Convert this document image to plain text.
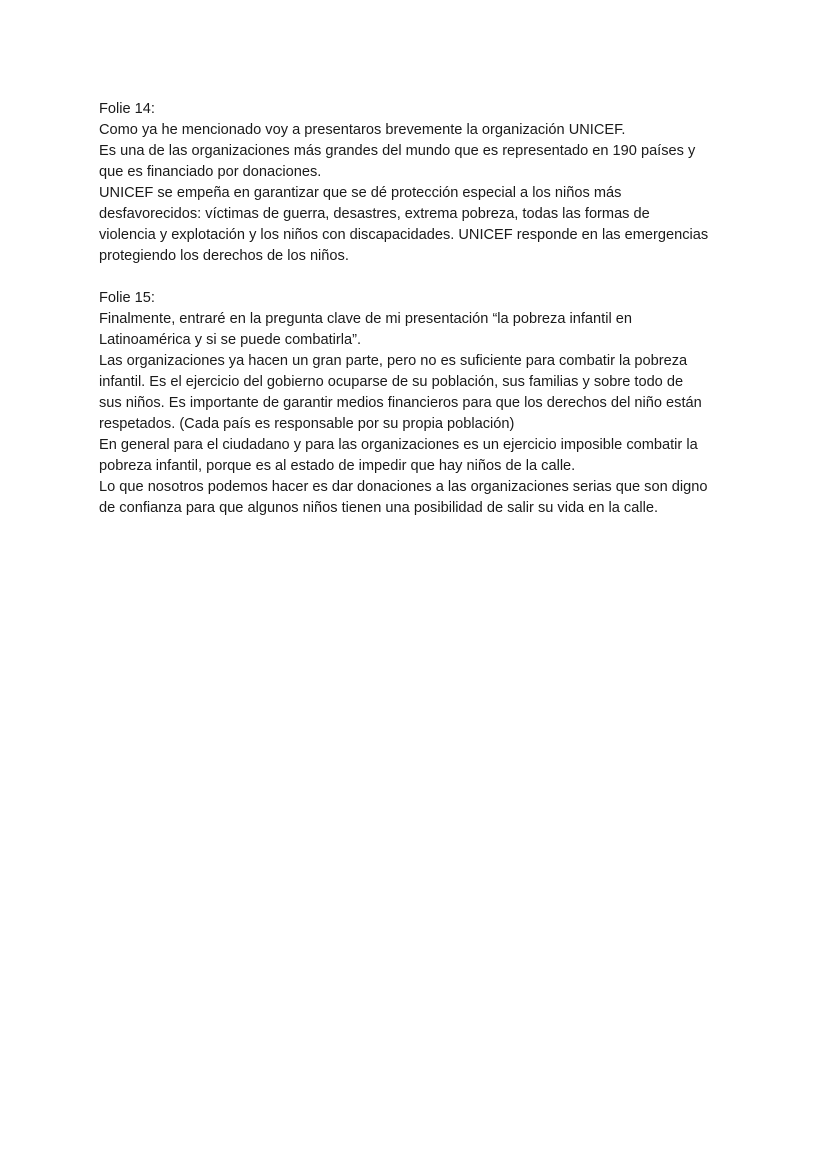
Folie 14:
Como ya he mencionado voy a presentaros brevemente la organización UNICEF.
Es una de las organizaciones más grandes del mundo que es representado en 190 países y
que es financiado por donaciones.
UNICEF se empeña en garantizar que se dé protección especial a los niños más
desfavorecidos: víctimas de guerra, desastres, extrema pobreza, todas las formas de
violencia y explotación y los niños con discapacidades. UNICEF responde en las emergencias
protegiendo los derechos de los niños.
Folie 15:
Finalmente, entraré en la pregunta clave de mi presentación “la pobreza infantil en
Latinoamérica y si se puede combatirla”.
Las organizaciones ya hacen un gran parte, pero no es suficiente para combatir la pobreza
infantil. Es el ejercicio del gobierno ocuparse de su población, sus familias y sobre todo de
sus niños. Es importante de garantir medios financieros para que los derechos del niño están
respetados. (Cada país es responsable por su propia población)
En general para el ciudadano y para las organizaciones es un ejercicio imposible combatir la
pobreza infantil, porque es al estado de impedir que hay niños de la calle.
Lo que nosotros podemos hacer es dar donaciones a las organizaciones serias que son digno
de confianza para que algunos niños tienen una posibilidad de salir su vida en la calle.
